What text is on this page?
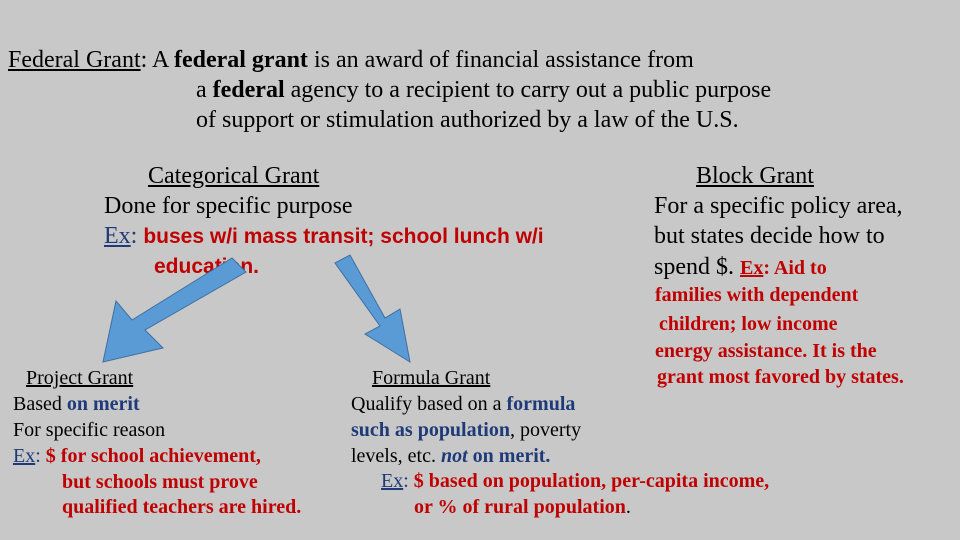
Federal Grant: A federal grant is an award of financial assistance from
a federal agency to a recipient to carry out a public purpose
of support or stimulation authorized by a law of the U.S.
Categorical Grant
Done for specific purpose
Ex: buses w/i mass transit; school lunch w/i
education.
Block Grant
For a specific policy area,
but states decide how to
spend $. Ex: Aid to
families with dependent
children; low income
energy assistance. It is the
grant most favored by states.
Project Grant
Based on merit
For specific reason
Ex: $ for school achievement,
but schools must prove
qualified teachers are hired.
Formula Grant
Qualify based on a formula
such as population, poverty
levels, etc. not on merit.
Ex: $ based on population, per-capita income,
or % of rural population.
